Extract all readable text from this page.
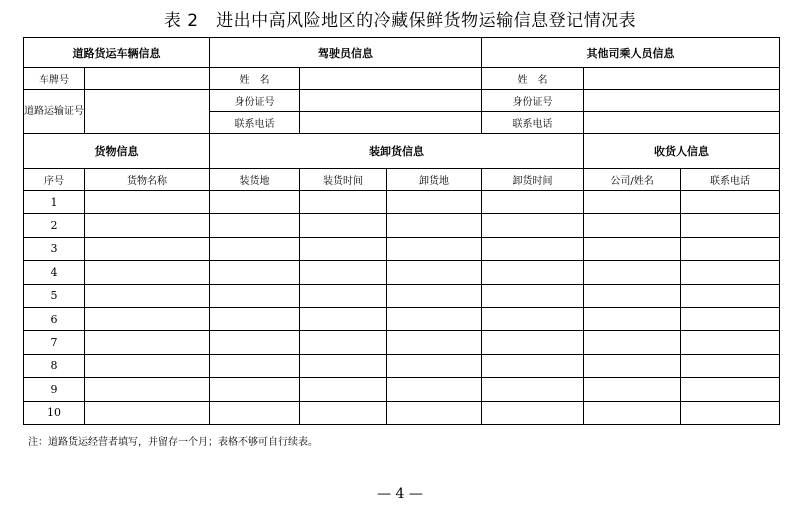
表 2　进出中高风险地区的冷藏保鲜货物运输信息登记情况表
道路货运车辆信息		驾驶员信息			其他司乘人员信息		
车牌号		姓　名			姓　名		
道路运输证号		身份证号			身份证号		
		联系电话			联系电话		
货物信息		装卸货信息				收货人信息	
序号	货物名称	装货地	装货时间	卸货地	卸货时间	公司/姓名	联系电话
1							
2							
3							
4							
5							
6							
7							
8							
9							
10							
注：道路货运经营者填写，并留存一个月；表格不够可自行续表。
— 4 —
